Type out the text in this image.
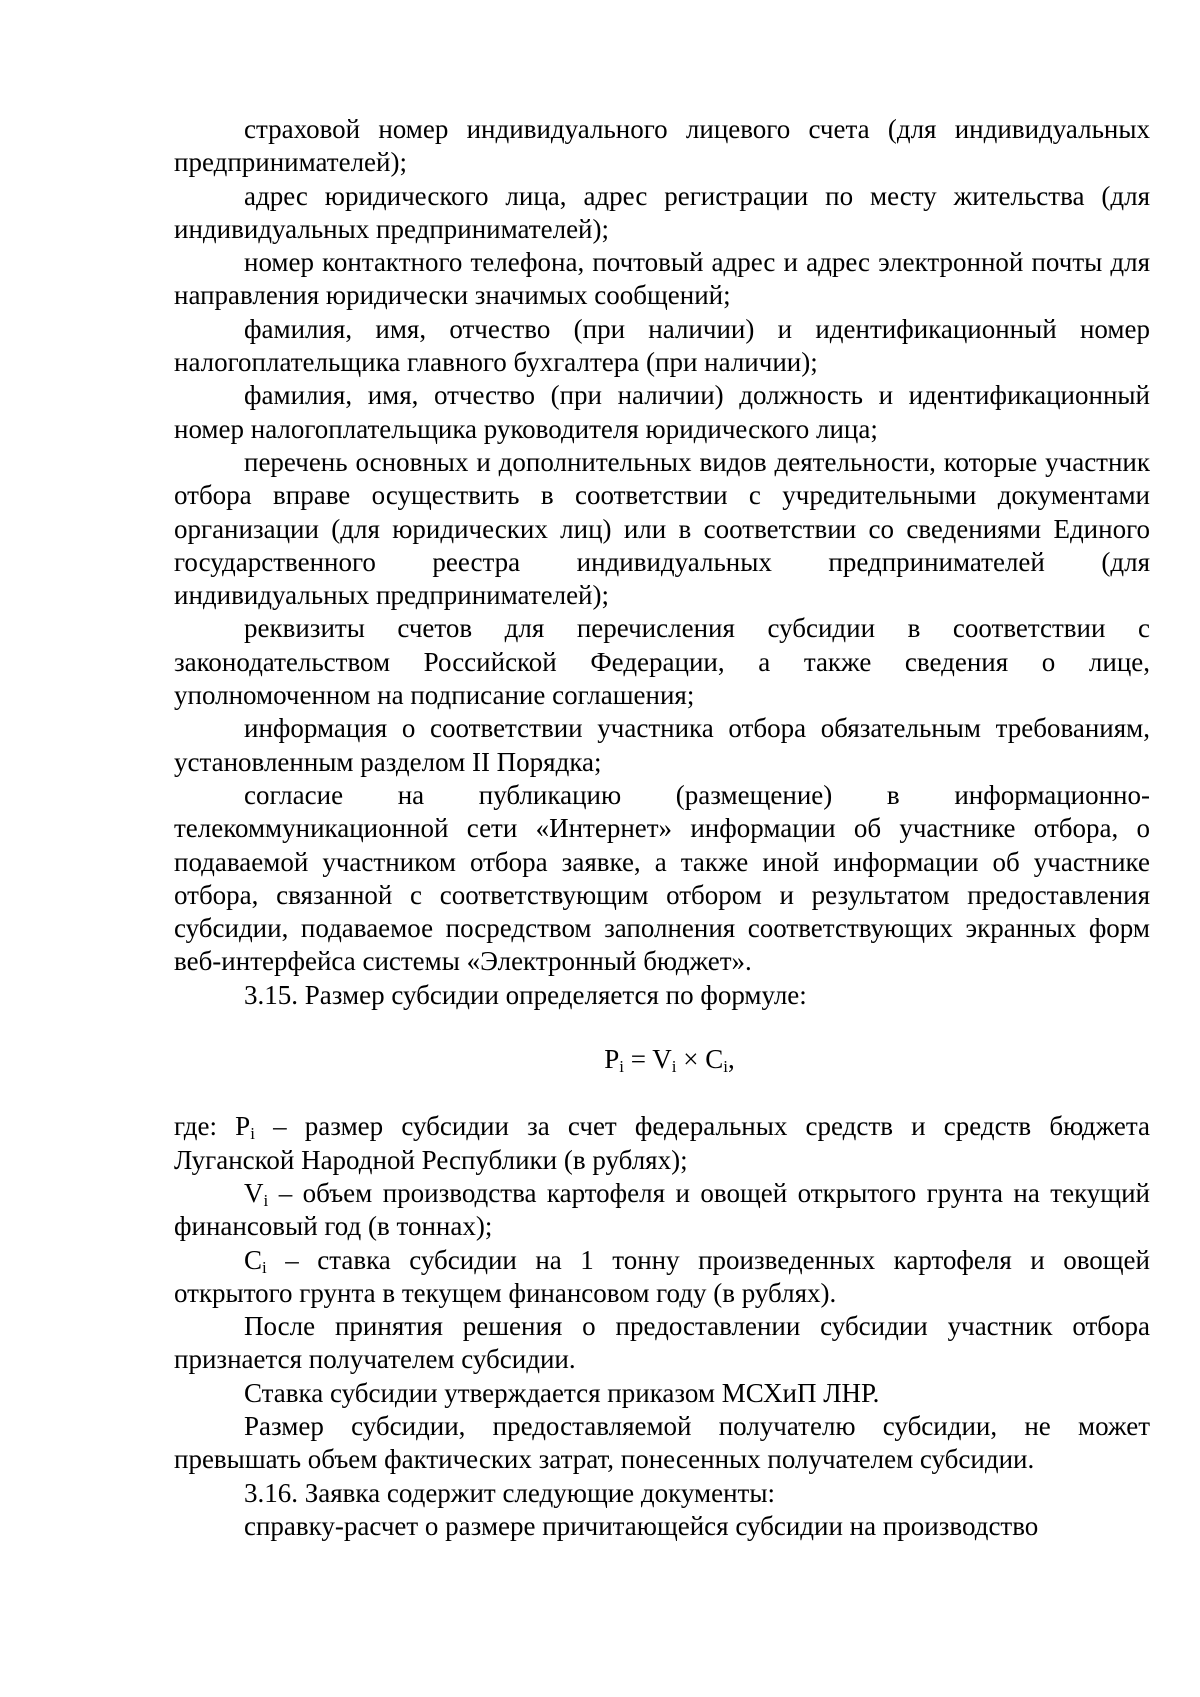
страховой номер индивидуального лицевого счета (для индивидуальных предпринимателей);

адрес юридического лица, адрес регистрации по месту жительства (для индивидуальных предпринимателей);

номер контактного телефона, почтовый адрес и адрес электронной почты для направления юридически значимых сообщений;

фамилия, имя, отчество (при наличии) и идентификационный номер налогоплательщика главного бухгалтера (при наличии);

фамилия, имя, отчество (при наличии) должность и идентификационный номер налогоплательщика руководителя юридического лица;

перечень основных и дополнительных видов деятельности, которые участник отбора вправе осуществить в соответствии с учредительными документами организации (для юридических лиц) или в соответствии со сведениями Единого государственного реестра индивидуальных предпринимателей (для индивидуальных предпринимателей);

реквизиты счетов для перечисления субсидии в соответствии с законодательством Российской Федерации, а также сведения о лице, уполномоченном на подписание соглашения;

информация о соответствии участника отбора обязательным требованиям, установленным разделом II Порядка;

согласие на публикацию (размещение) в информационно-телекоммуникационной сети «Интернет» информации об участнике отбора, о подаваемой участником отбора заявке, а также иной информации об участнике отбора, связанной с соответствующим отбором и результатом предоставления субсидии, подаваемое посредством заполнения соответствующих экранных форм веб-интерфейса системы «Электронный бюджет».

3.15. Размер субсидии определяется по формуле:

$P_i = V_i \times C_i$,

где: $P_i$ – размер субсидии за счет федеральных средств и средств бюджета Луганской Народной Республики (в рублях);

$V_i$ – объем производства картофеля и овощей открытого грунта на текущий финансовый год (в тоннах);

$C_i$ – ставка субсидии на 1 тонну произведенных картофеля и овощей открытого грунта в текущем финансовом году (в рублях).

После принятия решения о предоставлении субсидии участник отбора признается получателем субсидии.

Ставка субсидии утверждается приказом МСХиП ЛНР.

Размер субсидии, предоставляемой получателю субсидии, не может превышать объем фактических затрат, понесенных получателем субсидии.

3.16. Заявка содержит следующие документы:

справку-расчет о размере причитающейся субсидии на производство
